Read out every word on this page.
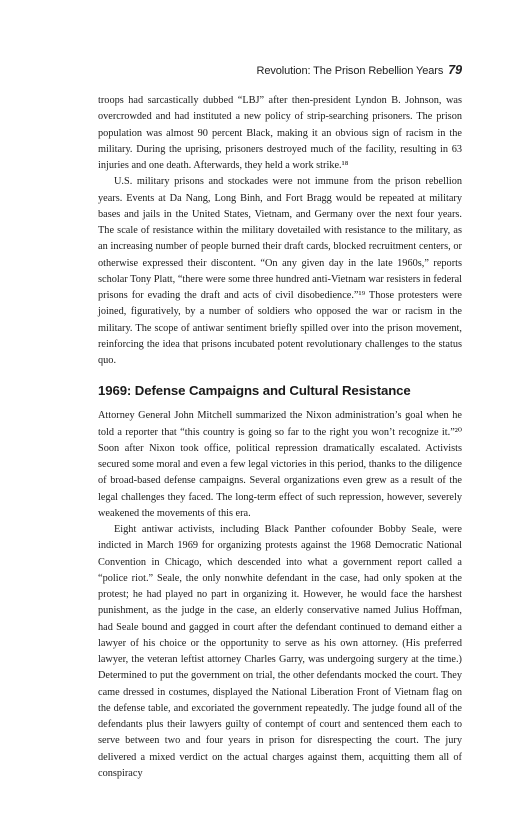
Revolution: The Prison Rebellion Years 79

troops had sarcastically dubbed “LBJ” after then-president Lyndon B. Johnson, was overcrowded and had instituted a new policy of strip-searching prisoners. The prison population was almost 90 percent Black, making it an obvious sign of racism in the military. During the uprising, prisoners destroyed much of the facility, resulting in 63 injuries and one death. Afterwards, they held a work strike.¹⁸

U.S. military prisons and stockades were not immune from the prison rebellion years. Events at Da Nang, Long Binh, and Fort Bragg would be repeated at military bases and jails in the United States, Vietnam, and Germany over the next four years. The scale of resistance within the military dovetailed with resistance to the military, as an increasing number of people burned their draft cards, blocked recruitment centers, or otherwise expressed their discontent. “On any given day in the late 1960s,” reports scholar Tony Platt, “there were some three hundred anti-Vietnam war resisters in federal prisons for evading the draft and acts of civil disobedience.”¹⁹ Those protesters were joined, figuratively, by a number of soldiers who opposed the war or racism in the military. The scope of antiwar sentiment briefly spilled over into the prison movement, reinforcing the idea that prisons incubated potent revolutionary challenges to the status quo.

1969: Defense Campaigns and Cultural Resistance

Attorney General John Mitchell summarized the Nixon administration’s goal when he told a reporter that “this country is going so far to the right you won’t recognize it.”²⁰ Soon after Nixon took office, political repression dramatically escalated. Activists secured some moral and even a few legal victories in this period, thanks to the diligence of broad-based defense campaigns. Several organizations even grew as a result of the legal challenges they faced. The long-term effect of such repression, however, severely weakened the movements of this era.

Eight antiwar activists, including Black Panther cofounder Bobby Seale, were indicted in March 1969 for organizing protests against the 1968 Democratic National Convention in Chicago, which descended into what a government report called a “police riot.” Seale, the only nonwhite defendant in the case, had only spoken at the protest; he had played no part in organizing it. However, he would face the harshest punishment, as the judge in the case, an elderly conservative named Julius Hoffman, had Seale bound and gagged in court after the defendant continued to demand either a lawyer of his choice or the opportunity to serve as his own attorney. (His preferred lawyer, the veteran leftist attorney Charles Garry, was undergoing surgery at the time.) Determined to put the government on trial, the other defendants mocked the court. They came dressed in costumes, displayed the National Liberation Front of Vietnam flag on the defense table, and excoriated the government repeatedly. The judge found all of the defendants plus their lawyers guilty of contempt of court and sentenced them each to serve between two and four years in prison for disrespecting the court. The jury delivered a mixed verdict on the actual charges against them, acquitting them all of conspiracy
